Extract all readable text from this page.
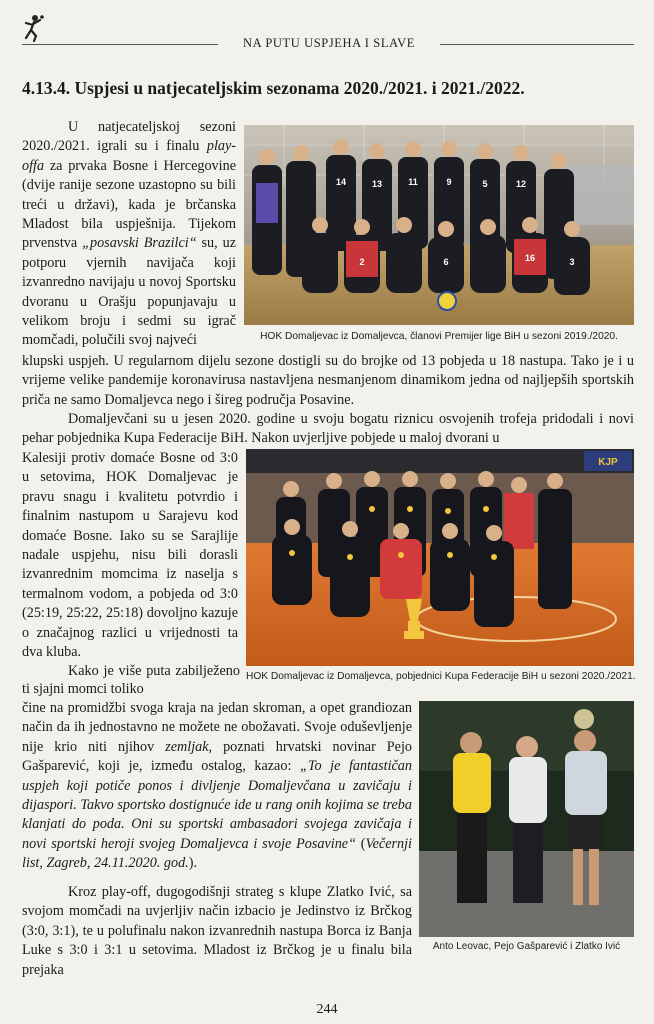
NA PUTU USPJEHA I SLAVE
4.13.4. Uspjesi u natjecateljskim sezonama 2020./2021. i 2021./2022.

U natjecateljskoj sezoni 2020./2021. igrali su i finalu play-offa za prvaka Bosne i Hercegovine (dvije ranije sezone uzastopno su bili treći u državi), kada je brčanska Mladost bila uspješnija. Tijekom prvenstva „posavski Brazilci“ su, uz potporu vjernih navijača koji izvanredno navijaju u novoj Sportsku dvoranu u Orašju popunjavaju u velikom broju i sedmi su igrač momčadi, polučili svoj najveći

14	13	11	9	5	12
2	6	16	3
HOK Domaljevac iz Domaljevca, članovi Premijer lige BiH u sezoni 2019./2020.

klupski uspjeh. U regularnom dijelu sezone dostigli su do brojke od 13 pobjeda u 18 nastupa. Tako je i u vrijeme velike pandemije koronavirusa nastavljena nesmanjenom dinamikom jedna od najljepših sportskih priča ne samo Domaljevca nego i šireg područja Posavine.

Domaljevčani su u jesen 2020. godine u svoju bogatu riznicu osvojenih trofeja pridodali i novi pehar pobjednika Kupa Federacije BiH. Nakon uvjerljive pobjede u maloj dvorani u

Kalesiji protiv domaće Bosne od 3:0 u setovima, HOK Domaljevac je pravu snagu i kvalitetu potvrdio i finalnim nastupom u Sarajevu kod domaće Bosne. Iako su se Sarajlije nadale uspjehu, nisu bili dorasli izvanrednim momcima iz naselja s termalnom vodom, a pobjeda od 3:0 (25:19, 25:22, 25:18) dovoljno kazuje o značajnog razlici u vrijednosti ta dva kluba.

KJP
HOK Domaljevac iz Domaljevca, pobjednici Kupa Federacije BiH u sezoni 2020./2021.

Kako je više puta zabilježeno ti sjajni momci toliko

čine na promidžbi svoga kraja na jedan skroman, a opet grandiozan način da ih jednostavno ne možete ne obožavati. Svoje oduševljenje nije krio niti njihov zemljak, poznati hrvatski novinar Pejo Gašparević, koji je, između ostalog, kazao: „To je fantastičan uspjeh koji potiče ponos i divljenje Domaljevčana u zavičaju i dijaspori. Takvo sportsko dostignuće ide u rang onih kojima se treba klanjati do poda. Oni su sportski ambasadori svojega zavičaja i novi sportski heroji svojeg Domaljevca i svoje Posavine“ (Večernji list, Zagreb, 24.11.2020. god.).

Anto Leovac, Pejo Gašparević i Zlatko Ivić

Kroz play-off, dugogodišnji strateg s klupe Zlatko Ivić, sa svojom momčadi na uvjerljiv način izbacio je Jedinstvo iz Brčkog (3:0, 3:1), te u polufinalu nakon izvanrednih nastupa Borca iz Banja Luke s 3:0 i 3:1 u setovima. Mladost iz Brčkog je u finalu bila prejaka

244
